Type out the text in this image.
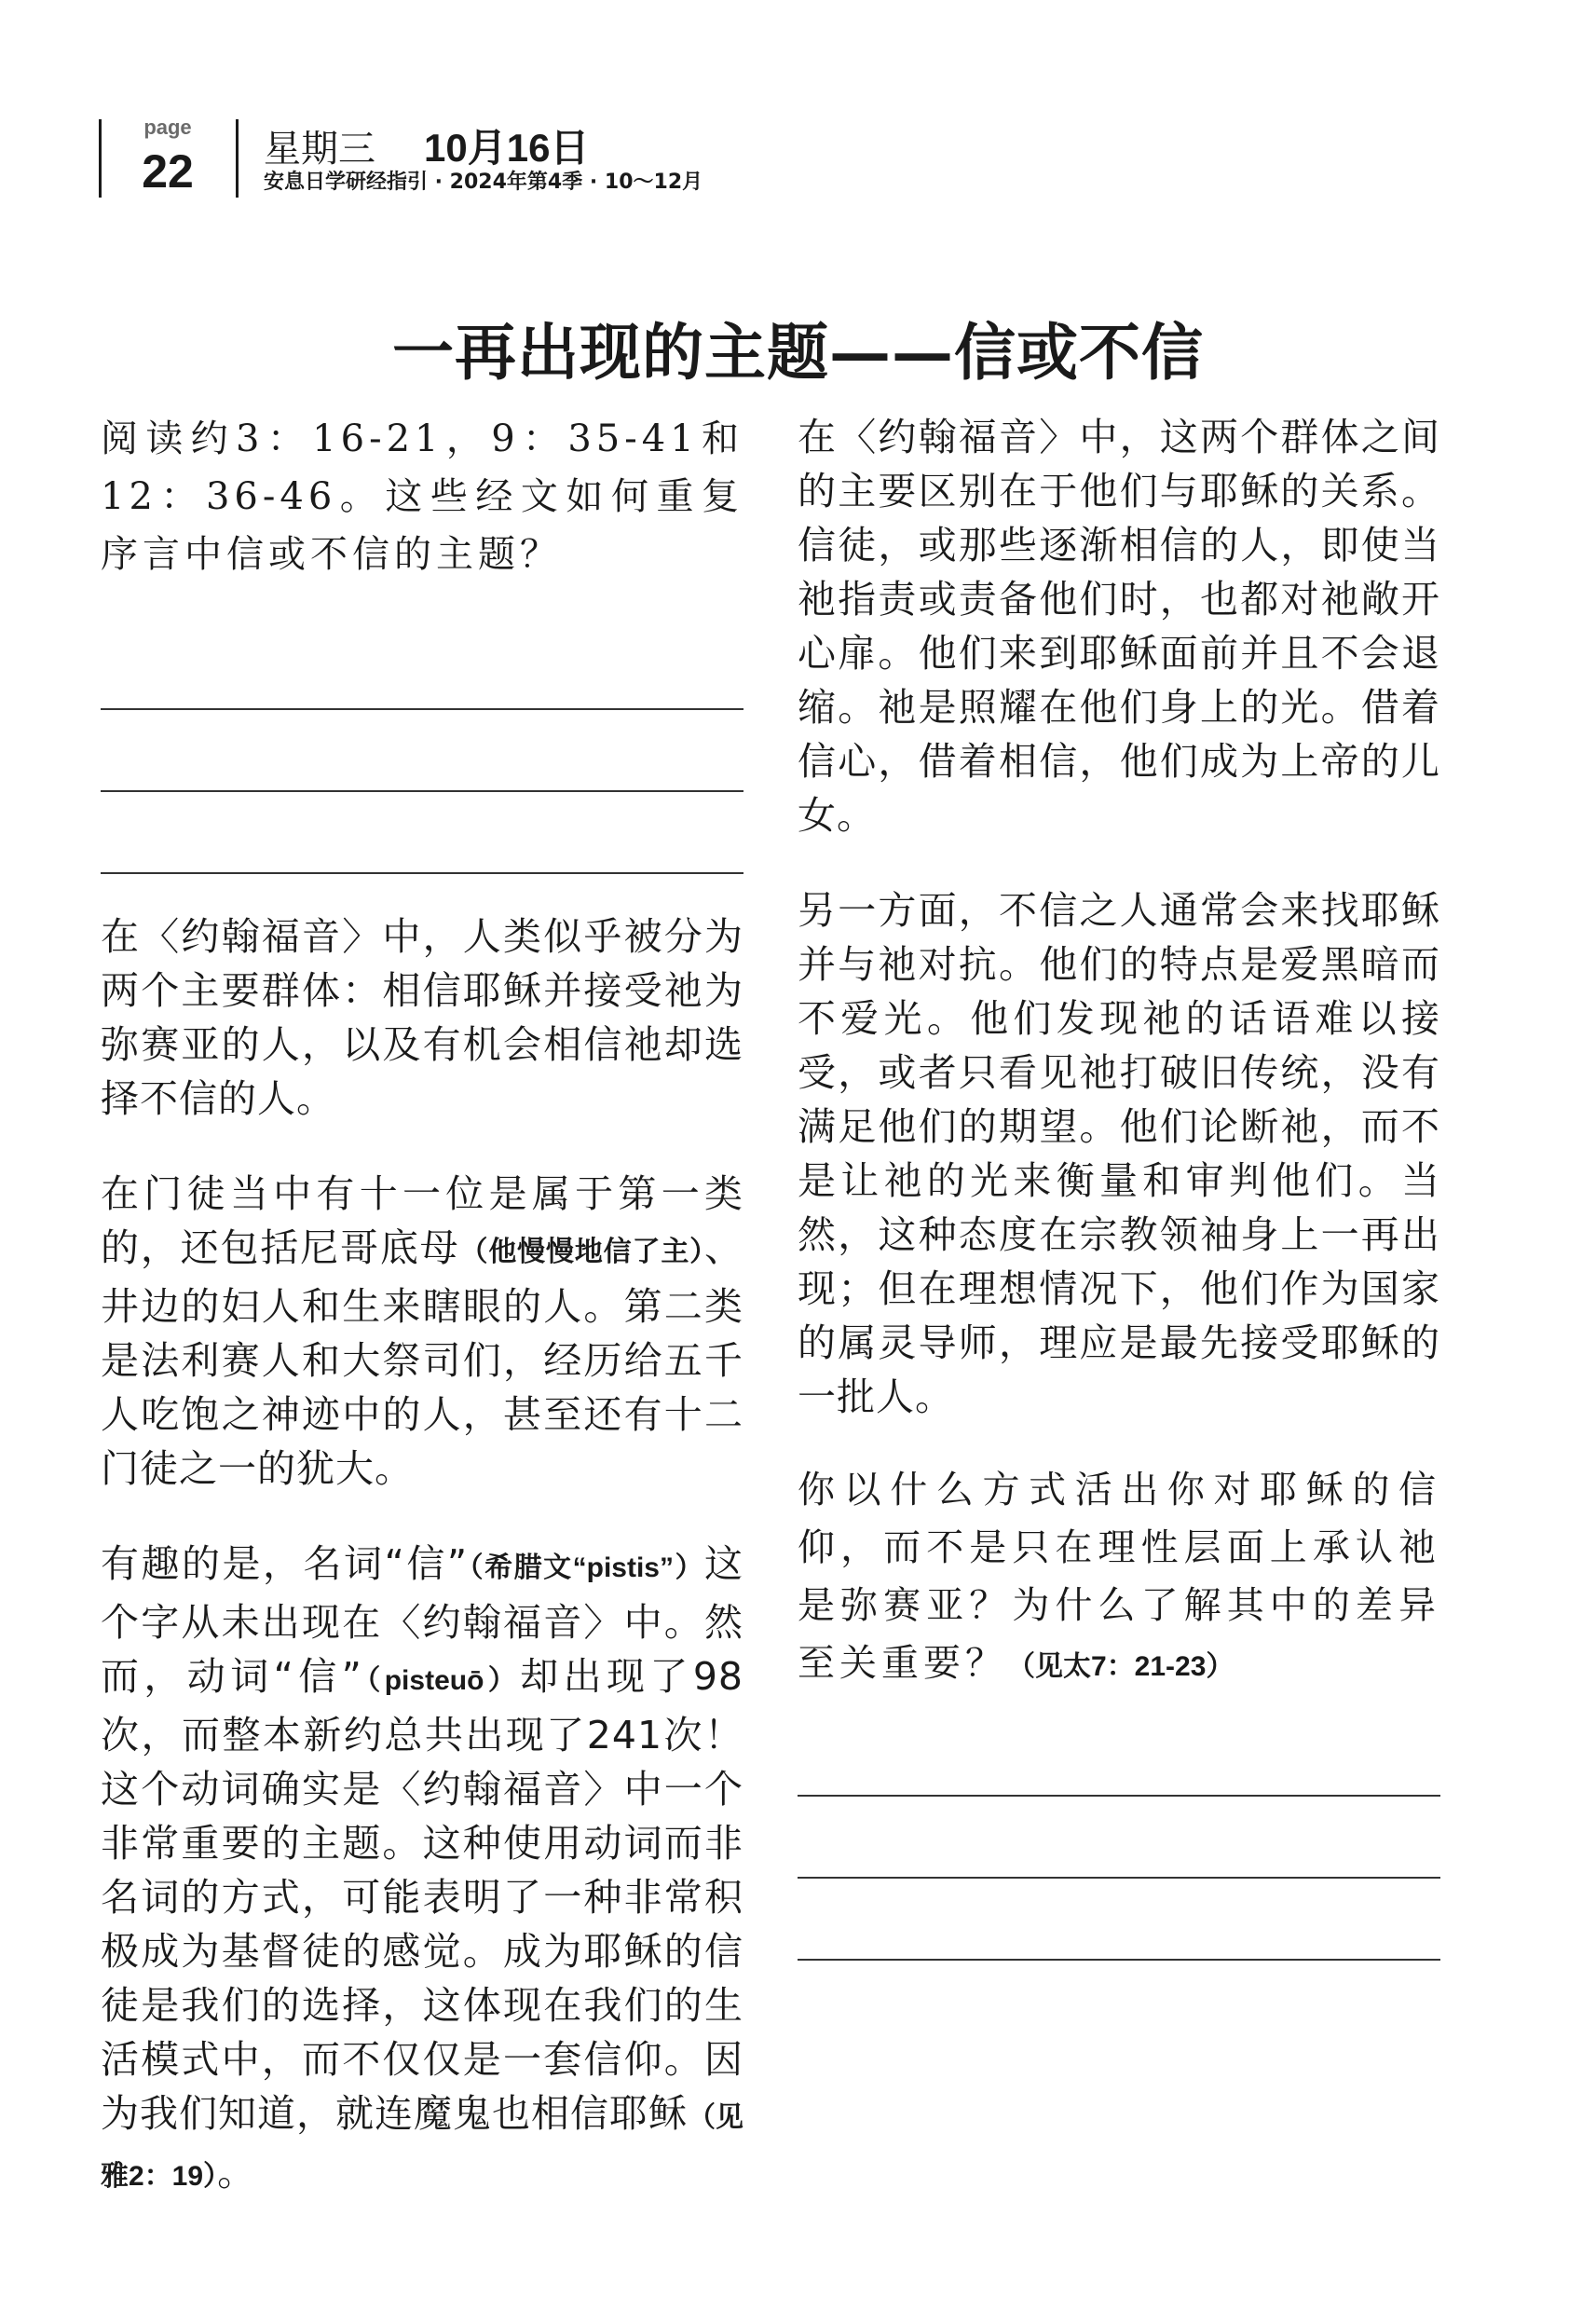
page
22	星期三 10月16日
安息日学研经指引 · 2024年第4季 · 10～12月
一再出现的主题——信或不信

阅读约3：16-21，9：35-41和12：36-46。这些经文如何重复序言中信或不信的主题？

在〈约翰福音〉中，人类似乎被分为两个主要群体：相信耶稣并接受祂为弥赛亚的人，以及有机会相信祂却选择不信的人。

在门徒当中有十一位是属于第一类的，还包括尼哥底母（他慢慢地信了主）、井边的妇人和生来瞎眼的人。第二类是法利赛人和大祭司们，经历给五千人吃饱之神迹中的人，甚至还有十二门徒之一的犹大。

有趣的是，名词“信”（希腊文“pistis”）这个字从未出现在〈约翰福音〉中。然而，动词“信”（pisteuō）却出现了98次，而整本新约总共出现了241次！这个动词确实是〈约翰福音〉中一个非常重要的主题。这种使用动词而非名词的方式，可能表明了一种非常积极成为基督徒的感觉。成为耶稣的信徒是我们的选择，这体现在我们的生活模式中，而不仅仅是一套信仰。因为我们知道，就连魔鬼也相信耶稣（见雅2：19）。

在〈约翰福音〉中，这两个群体之间的主要区别在于他们与耶稣的关系。信徒，或那些逐渐相信的人，即使当祂指责或责备他们时，也都对祂敞开心扉。他们来到耶稣面前并且不会退缩。祂是照耀在他们身上的光。借着信心，借着相信，他们成为上帝的儿女。

另一方面，不信之人通常会来找耶稣并与祂对抗。他们的特点是爱黑暗而不爱光。他们发现祂的话语难以接受，或者只看见祂打破旧传统，没有满足他们的期望。他们论断祂，而不是让祂的光来衡量和审判他们。当然，这种态度在宗教领袖身上一再出现；但在理想情况下，他们作为国家的属灵导师，理应是最先接受耶稣的一批人。

你以什么方式活出你对耶稣的信仰，而不是只在理性层面上承认祂是弥赛亚？为什么了解其中的差异至关重要？（见太7：21-23）
